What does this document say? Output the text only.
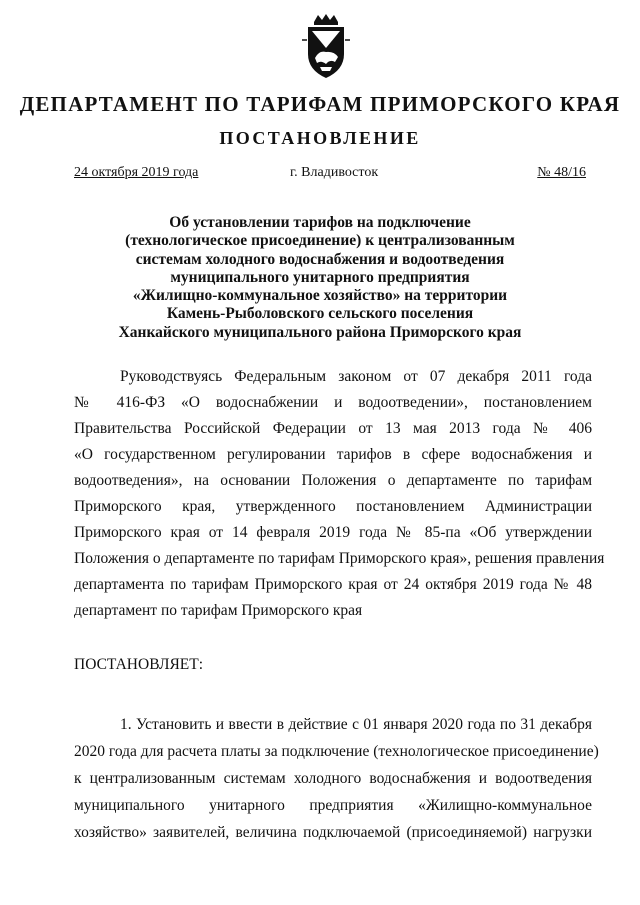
ДЕПАРТАМЕНТ ПО ТАРИФАМ ПРИМОРСКОГО КРАЯ
ПОСТАНОВЛЕНИЕ
24 октября 2019 года	г. Владивосток	№ 48/16
Об установлении тарифов на подключение
(технологическое присоединение) к централизованным
системам холодного водоснабжения и водоотведения
муниципального унитарного предприятия
«Жилищно-коммунальное хозяйство» на территории
Камень-Рыболовского сельского поселения
Ханкайского муниципального района Приморского края
Руководствуясь Федеральным законом от 07 декабря 2011 года
№ 416-ФЗ «О водоснабжении и водоотведении», постановлением
Правительства Российской Федерации от 13 мая 2013 года № 406
«О государственном регулировании тарифов в сфере водоснабжения и
водоотведения», на основании Положения о департаменте по тарифам
Приморского края, утвержденного постановлением Администрации
Приморского края от 14 февраля 2019 года № 85-па «Об утверждении
Положения о департаменте по тарифам Приморского края», решения правления
департамента по тарифам Приморского края от 24 октября 2019 года № 48
департамент по тарифам Приморского края
ПОСТАНОВЛЯЕТ:
1. Установить и ввести в действие с 01 января 2020 года по 31 декабря
2020 года для расчета платы за подключение (технологическое присоединение)
к централизованным системам холодного водоснабжения и водоотведения
муниципального унитарного предприятия «Жилищно-коммунальное
хозяйство» заявителей, величина подключаемой (присоединяемой) нагрузки
